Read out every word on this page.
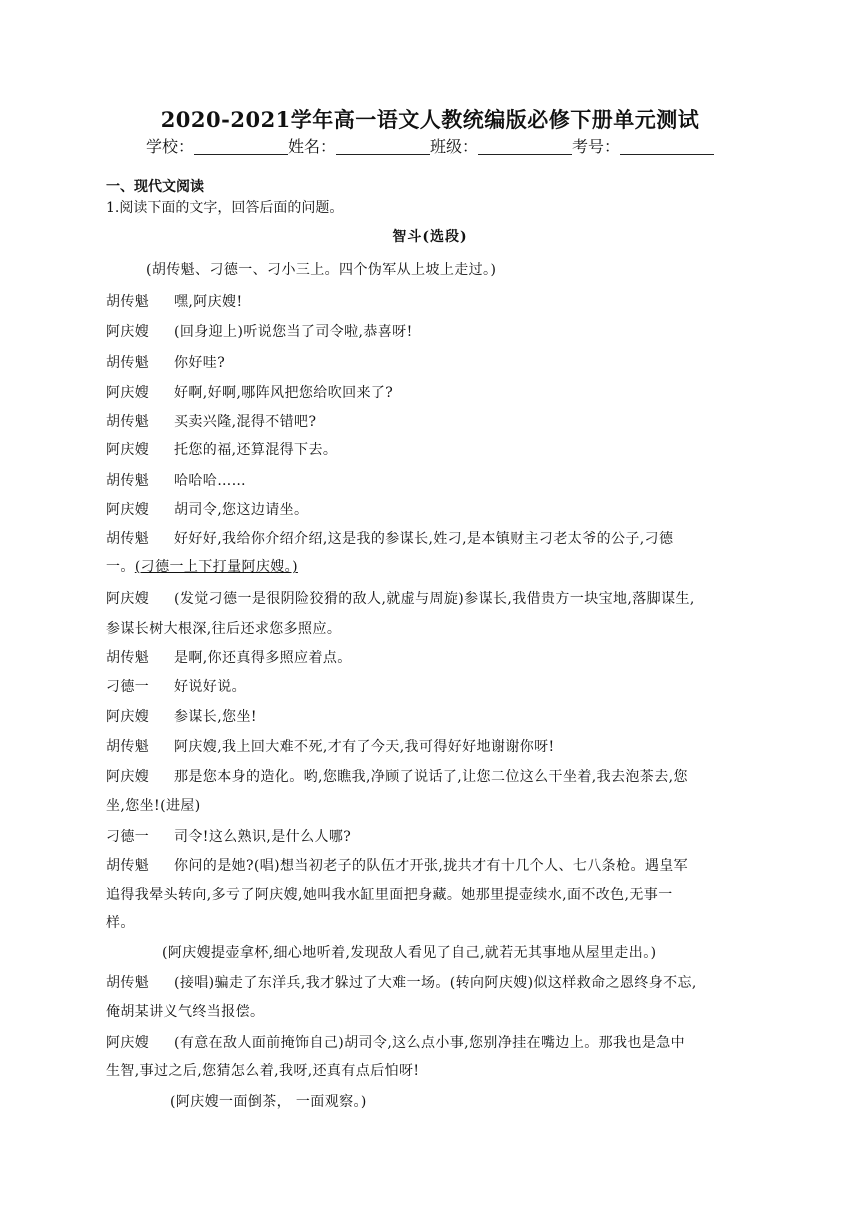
2020-2021学年高一语文人教统编版必修下册单元测试
学校：	姓名：	班级：	考号：
一、现代文阅读
1.阅读下面的文字，回答后面的问题。
智斗(选段)
(胡传魁、刁德一、刁小三上。四个伪军从上坡上走过。)
胡传魁 嘿,阿庆嫂!
阿庆嫂 (回身迎上)听说您当了司令啦,恭喜呀!
胡传魁 你好哇?
阿庆嫂 好啊,好啊,哪阵风把您给吹回来了?
胡传魁 买卖兴隆,混得不错吧?
阿庆嫂 托您的福,还算混得下去。
胡传魁 哈哈哈……
阿庆嫂 胡司令,您这边请坐。
胡传魁 好好好,我给你介绍介绍,这是我的参谋长,姓刁,是本镇财主刁老太爷的公子,刁德
一。(刁德一上下打量阿庆嫂。)
阿庆嫂 (发觉刁德一是很阴险狡猾的敌人,就虚与周旋)参谋长,我借贵方一块宝地,落脚谋生,
参谋长树大根深,往后还求您多照应。
胡传魁 是啊,你还真得多照应着点。
刁德一 好说好说。
阿庆嫂 参谋长,您坐!
胡传魁 阿庆嫂,我上回大难不死,才有了今天,我可得好好地谢谢你呀!
阿庆嫂 那是您本身的造化。哟,您瞧我,净顾了说话了,让您二位这么干坐着,我去泡茶去,您
坐,您坐!(进屋)
刁德一 司令!这么熟识,是什么人哪?
胡传魁 你问的是她?(唱)想当初老子的队伍才开张,拢共才有十几个人、七八条枪。遇皇军
追得我晕头转向,多亏了阿庆嫂,她叫我水缸里面把身藏。她那里提壶续水,面不改色,无事一
样。
(阿庆嫂提壶拿杯,细心地听着,发现敌人看见了自己,就若无其事地从屋里走出。)
胡传魁 (接唱)骗走了东洋兵,我才躲过了大难一场。(转向阿庆嫂)似这样救命之恩终身不忘,
俺胡某讲义气终当报偿。
阿庆嫂 (有意在敌人面前掩饰自己)胡司令,这么点小事,您别净挂在嘴边上。那我也是急中
生智,事过之后,您猜怎么着,我呀,还真有点后怕呀!
(阿庆嫂一面倒茶， 一面观察。)
